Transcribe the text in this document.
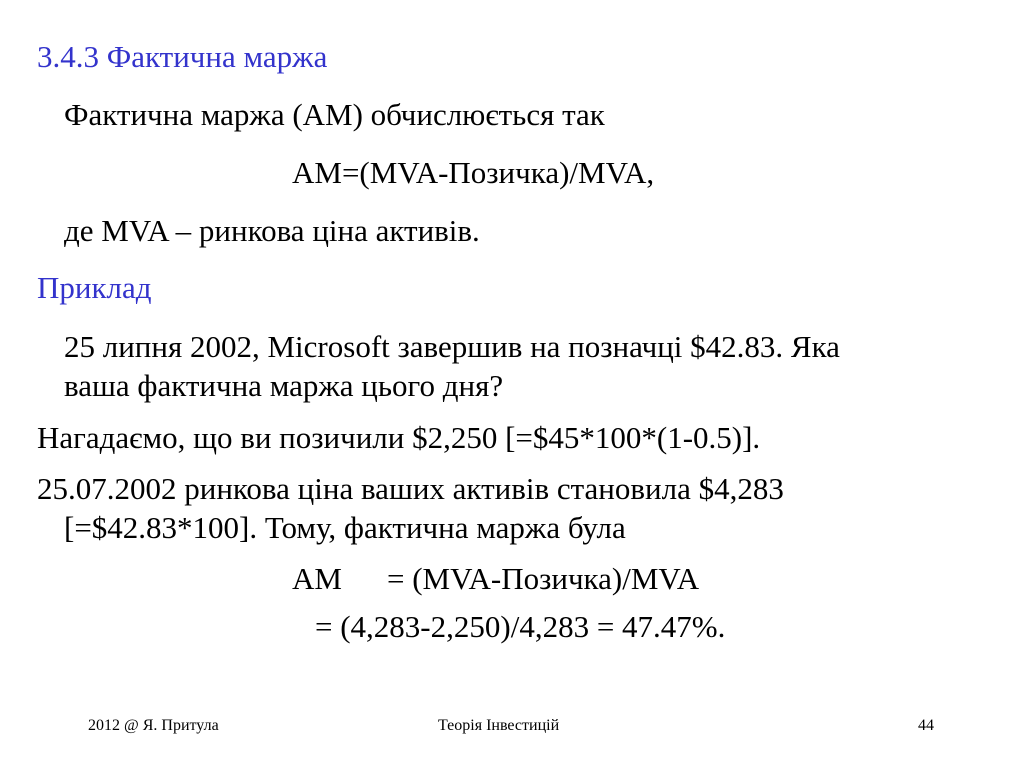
3.4.3 Фактична маржа
Фактична маржа (АМ) обчислюється так
АМ=(MVA-Позичка)/MVA,
де MVA – ринкова ціна активів.
Приклад
25 липня 2002, Microsoft завершив на позначці $42.83. Яка
ваша фактична маржа цього дня?
Нагадаємо, що ви позичили $2,250 [=$45*100*(1-0.5)].
25.07.2002 ринкова ціна ваших активів становила $4,283
[=$42.83*100]. Тому, фактична маржа була
AM = (MVA-Позичка)/MVA
= (4,283-2,250)/4,283 = 47.47%.
2012 @ Я. Притула	Теорія Інвестицій	44
